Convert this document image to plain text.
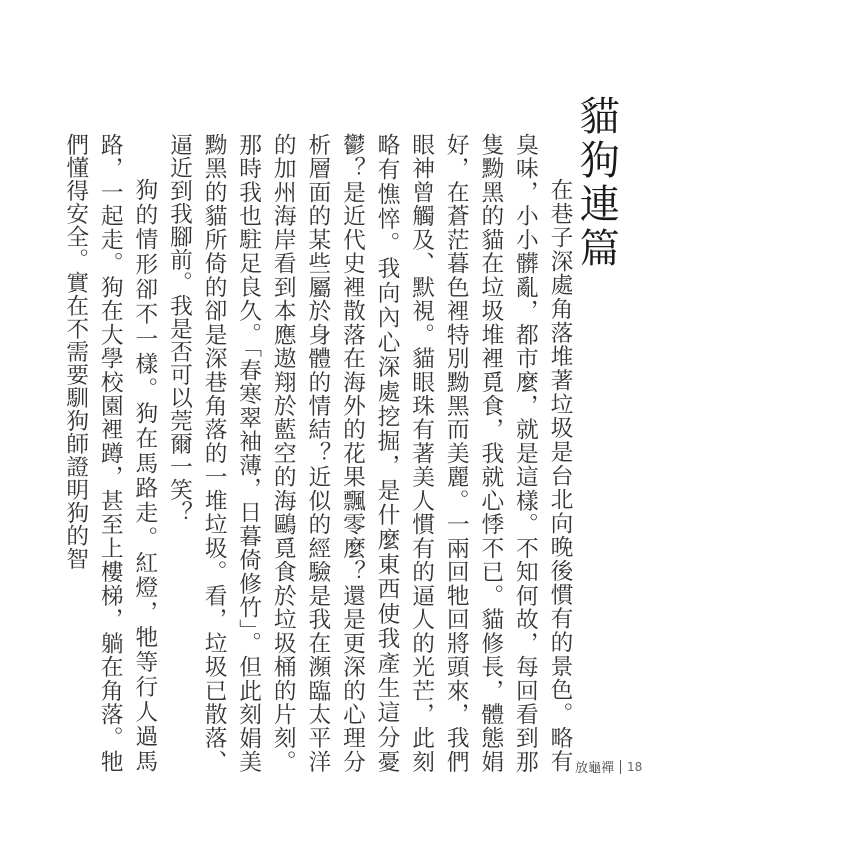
貓狗連篇

在巷子深處角落堆著垃圾是台北向晚後慣有的景色。略有臭味，小小髒亂，都市麼，就是這樣。不知何故，每回看到那隻黝黑的貓在垃圾堆裡覓食，我就心悸不已。貓修長，體態娟好，在蒼茫暮色裡特別黝黑而美麗。一兩回牠回將頭來，我們眼神曾觸及、默視。貓眼珠有著美人慣有的逼人的光芒，此刻略有憔悴。我向內心深處挖掘，是什麼東西使我產生這分憂鬱？是近代史裡散落在海外的花果飄零麼？還是更深的心理分析層面的某些屬於身體的情結？近似的經驗是我在瀕臨太平洋的加州海岸看到本應遨翔於藍空的海鷗覓食於垃圾桶的片刻。那時我也駐足良久。「春寒翠袖薄，日暮倚修竹」。但此刻娟美黝黑的貓所倚的卻是深巷角落的一堆垃圾。看，垃圾已散落、逼近到我腳前。我是否可以莞爾一笑？

狗的情形卻不一樣。狗在馬路走。紅燈，牠等行人過馬路，一起走。狗在大學校園裡蹲，甚至上樓梯，躺在角落。牠們懂得安全。實在不需要馴狗師證明狗的智

放龜禪 18
